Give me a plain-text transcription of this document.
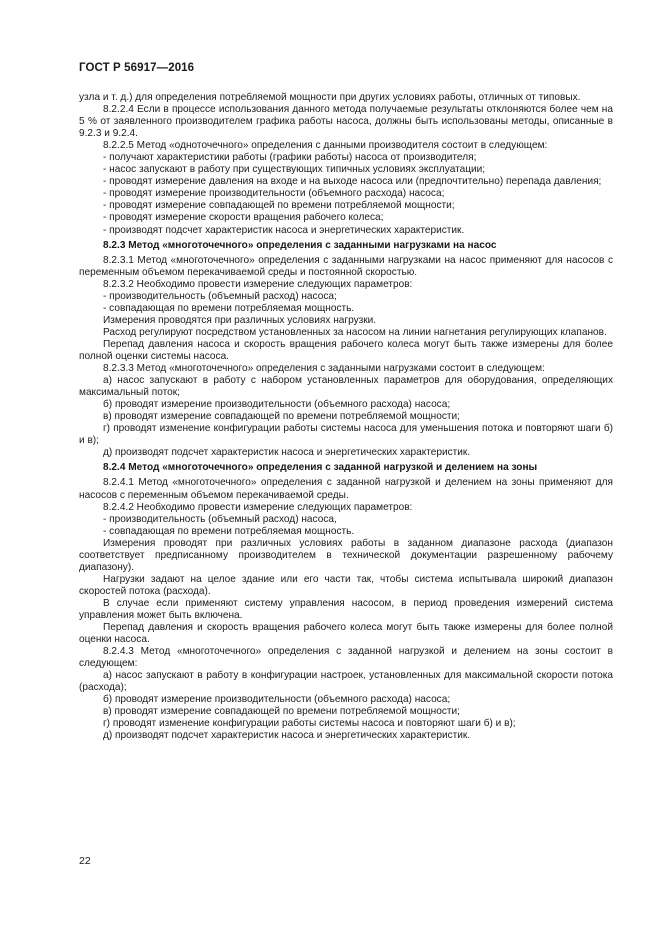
ГОСТ Р 56917—2016

узла и т. д.) для определения потребляемой мощности при других условиях работы, отличных от типовых.

8.2.2.4 Если в процессе использования данного метода получаемые результаты отклоняются более чем на 5 % от заявленного производителем графика работы насоса, должны быть использованы методы, описанные в 9.2.3 и 9.2.4.

8.2.2.5 Метод «одноточечного» определения с данными производителя состоит в следующем:

- получают характеристики работы (графики работы) насоса от производителя;

- насос запускают в работу при существующих типичных условиях эксплуатации;

- проводят измерение давления на входе и на выходе насоса или (предпочтительно) перепада давления;

- проводят измерение производительности (объемного расхода) насоса;

- проводят измерение совпадающей по времени потребляемой мощности;

- проводят измерение скорости вращения рабочего колеса;

- производят подсчет характеристик насоса и энергетических характеристик.

8.2.3 Метод «многоточечного» определения с заданными нагрузками на насос

8.2.3.1 Метод «многоточечного» определения с заданными нагрузками на насос применяют для насосов с переменным объемом перекачиваемой среды и постоянной скоростью.

8.2.3.2 Необходимо провести измерение следующих параметров:

- производительность (объемный расход) насоса;

- совпадающая по времени потребляемая мощность.

Измерения проводятся при различных условиях нагрузки.

Расход регулируют посредством установленных за насосом на линии нагнетания регулирующих клапанов.

Перепад давления насоса и скорость вращения рабочего колеса могут быть также измерены для более полной оценки системы насоса.

8.2.3.3 Метод «многоточечного» определения с заданными нагрузками состоит в следующем:

а) насос запускают в работу с набором установленных параметров для оборудования, определяющих максимальный поток;

б) проводят измерение производительности (объемного расхода) насоса;

в) проводят измерение совпадающей по времени потребляемой мощности;

г) проводят изменение конфигурации работы системы насоса для уменьшения потока и повторяют шаги б) и в);

д) производят подсчет характеристик насоса и энергетических характеристик.

8.2.4 Метод «многоточечного» определения с заданной нагрузкой и делением на зоны

8.2.4.1 Метод «многоточечного» определения с заданной нагрузкой и делением на зоны применяют для насосов с переменным объемом перекачиваемой среды.

8.2.4.2 Необходимо провести измерение следующих параметров:

- производительность (объемный расход) насоса,

- совпадающая по времени потребляемая мощность.

Измерения проводят при различных условиях работы в заданном диапазоне расхода (диапазон соответствует предписанному производителем в технической документации разрешенному рабочему диапазону).

Нагрузки задают на целое здание или его части так, чтобы система испытывала широкий диапазон скоростей потока (расхода).

В случае если применяют систему управления насосом, в период проведения измерений система управления может быть включена.

Перепад давления и скорость вращения рабочего колеса могут быть также измерены для более полной оценки насоса.

8.2.4.3 Метод «многоточечного» определения с заданной нагрузкой и делением на зоны состоит в следующем:

а) насос запускают в работу в конфигурации настроек, установленных для максимальной скорости потока (расхода);

б) проводят измерение производительности (объемного расхода) насоса;

в) проводят измерение совпадающей по времени потребляемой мощности;

г) проводят изменение конфигурации работы системы насоса и повторяют шаги б) и в);

д) производят подсчет характеристик насоса и энергетических характеристик.

22
